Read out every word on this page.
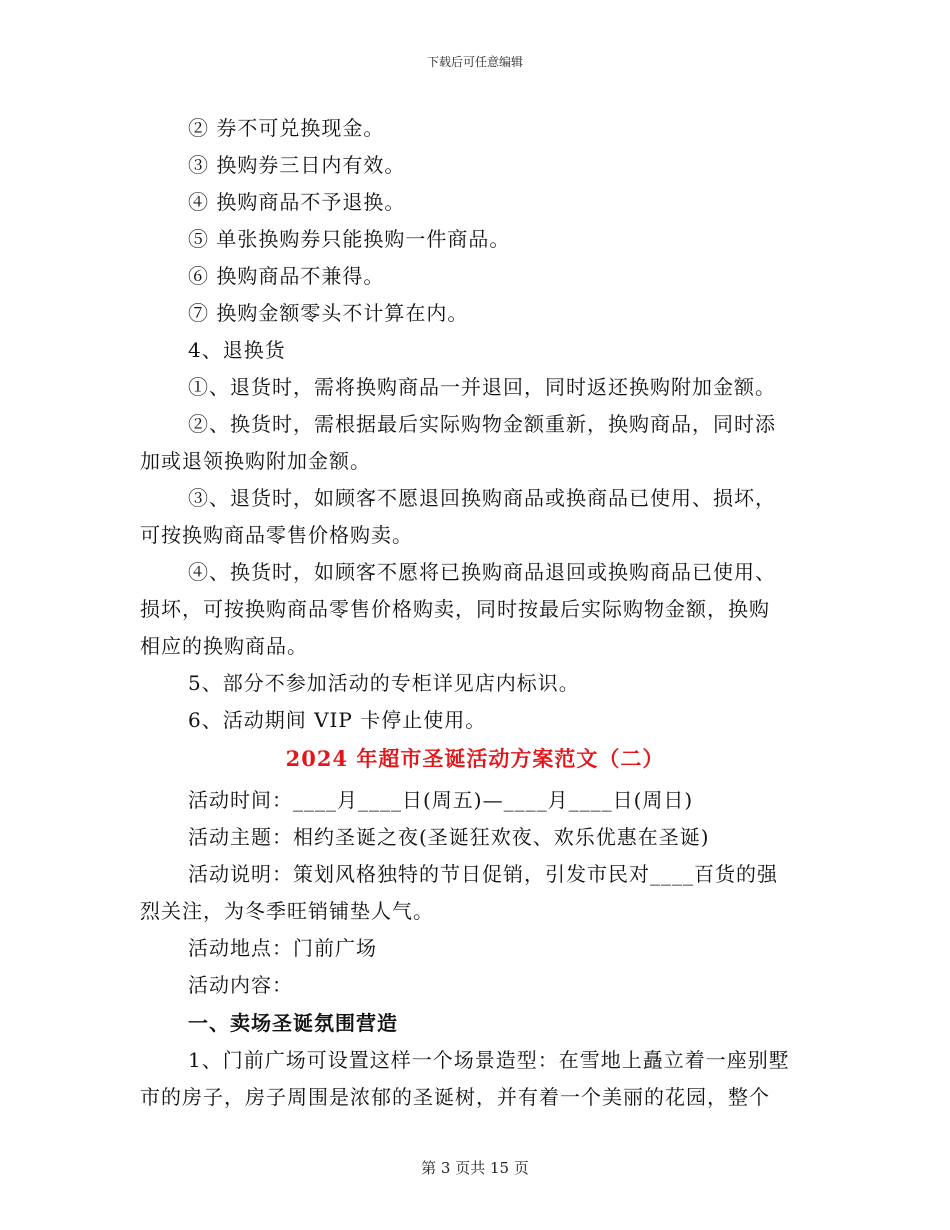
下载后可任意编辑
② 券不可兑换现金。
③ 换购券三日内有效。
④ 换购商品不予退换。
⑤ 单张换购券只能换购一件商品。
⑥ 换购商品不兼得。
⑦ 换购金额零头不计算在内。
4、退换货
①、退货时，需将换购商品一并退回，同时返还换购附加金额。
②、换货时，需根据最后实际购物金额重新，换购商品，同时添
加或退领换购附加金额。
③、退货时，如顾客不愿退回换购商品或换商品已使用、损坏，
可按换购商品零售价格购卖。
④、换货时，如顾客不愿将已换购商品退回或换购商品已使用、
损坏，可按换购商品零售价格购卖，同时按最后实际购物金额，换购
相应的换购商品。
5、部分不参加活动的专柜详见店内标识。
6、活动期间 VIP 卡停止使用。
2024 年超市圣诞活动方案范文（二）
活动时间：____月____日(周五)—____月____日(周日)
活动主题：相约圣诞之夜(圣诞狂欢夜、欢乐优惠在圣诞)
活动说明：策划风格独特的节日促销，引发市民对____百货的强
烈关注，为冬季旺销铺垫人气。
活动地点：门前广场
活动内容：
一、卖场圣诞氛围营造
1、门前广场可设置这样一个场景造型：在雪地上矗立着一座别墅
市的房子，房子周围是浓郁的圣诞树，并有着一个美丽的花园，整个
第 3 页共 15 页
